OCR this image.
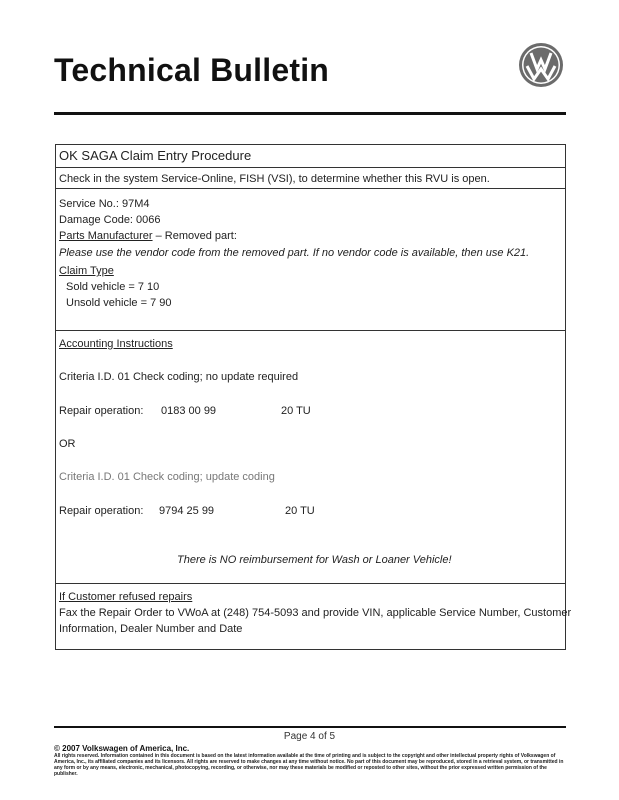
Technical Bulletin
OK SAGA Claim Entry Procedure
Check in the system Service-Online, FISH (VSI), to determine whether this RVU is open.
Service No.: 97M4
Damage Code: 0066
Parts Manufacturer – Removed part:
Please use the vendor code from the removed part. If no vendor code is available, then use K21.
Claim Type
Sold vehicle = 7 10
Unsold vehicle = 7 90
Accounting Instructions
Criteria I.D. 01 Check coding; no update required
Repair operation: 0183 00 99	20 TU
OR
Criteria I.D. 01 Check coding; update coding
Repair operation: 9794 25 99	20 TU
There is NO reimbursement for Wash or Loaner Vehicle!
If Customer refused repairs
Fax the Repair Order to VWoA at (248) 754-5093 and provide VIN, applicable Service Number, Customer
Information, Dealer Number and Date
Page 4 of 5
© 2007 Volkswagen of America, Inc.
All rights reserved. Information contained in this document is based on the latest information available at the time of printing and is subject to the copyright and other intellectual property rights of Volkswagen of America, Inc., its affiliated companies and its licensors. All rights are reserved to make changes at any time without notice. No part of this document may be reproduced, stored in a retrieval system, or transmitted in any form or by any means, electronic, mechanical, photocopying, recording, or otherwise, nor may these materials be modified or reposted to other sites, without the prior expressed written permission of the publisher.
